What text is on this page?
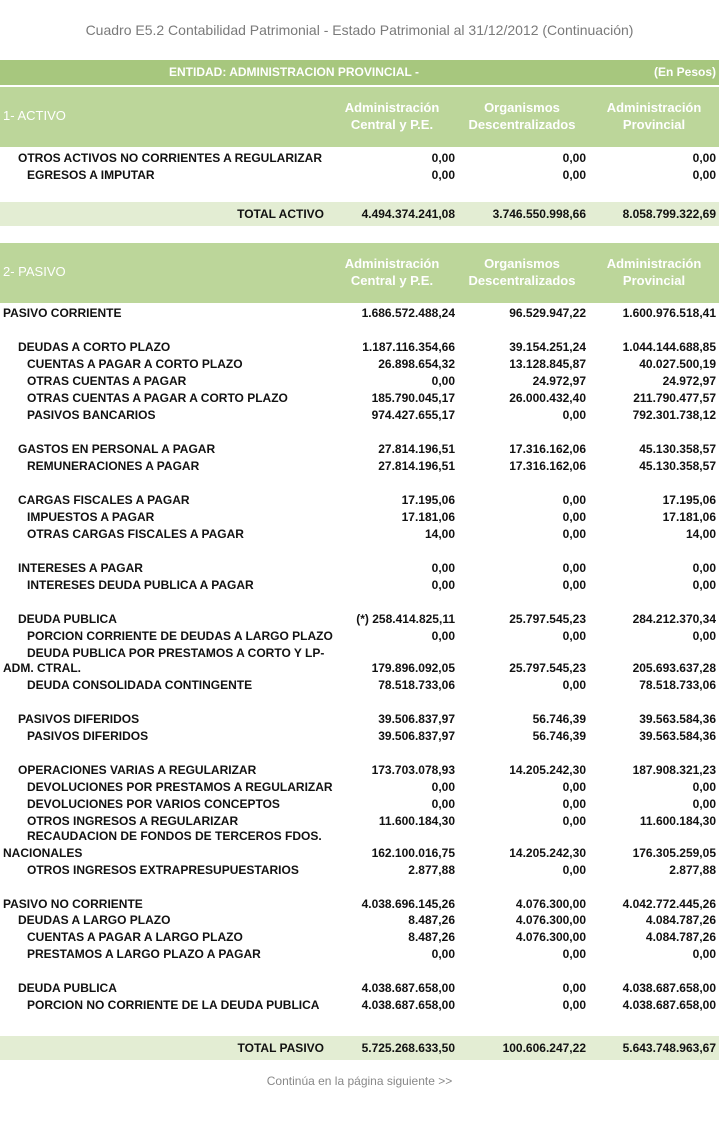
Cuadro E5.2 Contabilidad Patrimonial - Estado Patrimonial al 31/12/2012 (Continuación)
ENTIDAD: ADMINISTRACION PROVINCIAL -	(En Pesos)
1- ACTIVO
Administración Central y P.E.
Organismos Descentralizados
Administración Provincial
OTROS ACTIVOS NO CORRIENTES A REGULARIZAR	0,00	0,00	0,00
EGRESOS A IMPUTAR	0,00	0,00	0,00
TOTAL ACTIVO	4.494.374.241,08	3.746.550.998,66	8.058.799.322,69
2- PASIVO
Administración Central y P.E.
Organismos Descentralizados
Administración Provincial
PASIVO CORRIENTE	1.686.572.488,24	96.529.947,22	1.600.976.518,41
DEUDAS A CORTO PLAZO	1.187.116.354,66	39.154.251,24	1.044.144.688,85
CUENTAS A PAGAR A CORTO PLAZO	26.898.654,32	13.128.845,87	40.027.500,19
OTRAS CUENTAS A PAGAR	0,00	24.972,97	24.972,97
OTRAS CUENTAS A PAGAR A CORTO PLAZO	185.790.045,17	26.000.432,40	211.790.477,57
PASIVOS BANCARIOS	974.427.655,17	0,00	792.301.738,12
GASTOS EN PERSONAL A PAGAR	27.814.196,51	17.316.162,06	45.130.358,57
REMUNERACIONES A PAGAR	27.814.196,51	17.316.162,06	45.130.358,57
CARGAS FISCALES A PAGAR	17.195,06	0,00	17.195,06
IMPUESTOS A PAGAR	17.181,06	0,00	17.181,06
OTRAS CARGAS FISCALES A PAGAR	14,00	0,00	14,00
INTERESES A PAGAR	0,00	0,00	0,00
INTERESES DEUDA PUBLICA A PAGAR	0,00	0,00	0,00
DEUDA PUBLICA	(*) 258.414.825,11	25.797.545,23	284.212.370,34
PORCION CORRIENTE DE DEUDAS A LARGO PLAZO	0,00	0,00	0,00
DEUDA PUBLICA POR PRESTAMOS A CORTO Y LP-
ADM. CTRAL.	179.896.092,05	25.797.545,23	205.693.637,28
DEUDA CONSOLIDADA CONTINGENTE	78.518.733,06	0,00	78.518.733,06
PASIVOS DIFERIDOS	39.506.837,97	56.746,39	39.563.584,36
PASIVOS DIFERIDOS	39.506.837,97	56.746,39	39.563.584,36
OPERACIONES VARIAS A REGULARIZAR	173.703.078,93	14.205.242,30	187.908.321,23
DEVOLUCIONES POR PRESTAMOS A REGULARIZAR	0,00	0,00	0,00
DEVOLUCIONES POR VARIOS CONCEPTOS	0,00	0,00	0,00
OTROS INGRESOS A REGULARIZAR	11.600.184,30	0,00	11.600.184,30
RECAUDACION DE FONDOS DE TERCEROS FDOS.
NACIONALES	162.100.016,75	14.205.242,30	176.305.259,05
OTROS INGRESOS EXTRAPRESUPUESTARIOS	2.877,88	0,00	2.877,88
PASIVO NO CORRIENTE	4.038.696.145,26	4.076.300,00	4.042.772.445,26
DEUDAS A LARGO PLAZO	8.487,26	4.076.300,00	4.084.787,26
CUENTAS A PAGAR A LARGO PLAZO	8.487,26	4.076.300,00	4.084.787,26
PRESTAMOS A LARGO PLAZO A PAGAR	0,00	0,00	0,00
DEUDA PUBLICA	4.038.687.658,00	0,00	4.038.687.658,00
PORCION NO CORRIENTE DE LA DEUDA PUBLICA	4.038.687.658,00	0,00	4.038.687.658,00
TOTAL PASIVO	5.725.268.633,50	100.606.247,22	5.643.748.963,67
Continúa en la página siguiente >>
